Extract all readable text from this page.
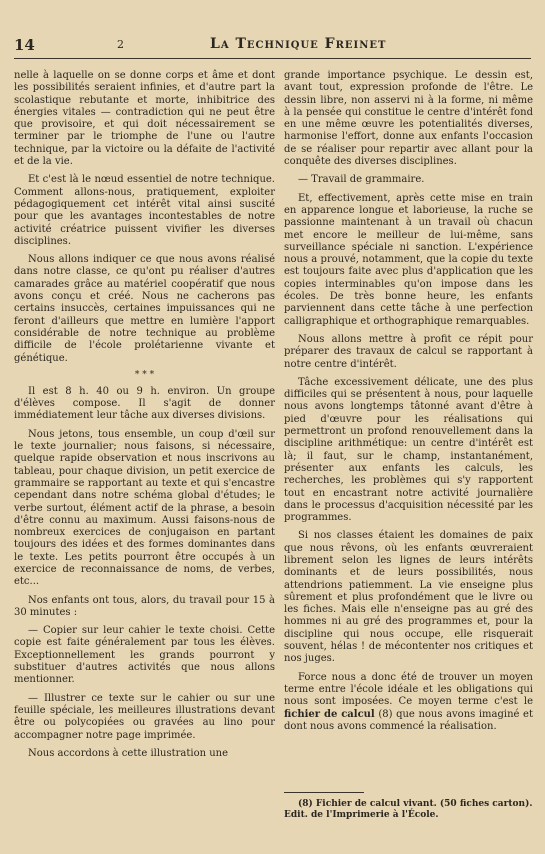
14	2	La Technique Freinet

nelle à laquelle on se donne corps et âme et dont les possibilités seraient infinies, et d'autre part la scolastique rebutante et morte, inhibitrice des énergies vitales — contradiction qui ne peut être que provisoire, et qui doit nécessairement se terminer par le triomphe de l'une ou l'autre technique, par la victoire ou la défaite de l'activité et de la vie.

Et c'est là le nœud essentiel de notre technique. Comment allons-nous, pratiquement, exploiter pédagogiquement cet intérêt vital ainsi suscité pour que les avantages incontestables de notre activité créatrice puissent vivifier les diverses disciplines.

Nous allons indiquer ce que nous avons réalisé dans notre classe, ce qu'ont pu réaliser d'autres camarades grâce au matériel coopératif que nous avons conçu et créé. Nous ne cacherons pas certains insuccès, certaines impuissances qui ne feront d'ailleurs que mettre en lumière l'apport considérable de notre technique au problème difficile de l'école prolétarienne vivante et génétique.

* * *

Il est 8 h. 40 ou 9 h. environ. Un groupe d'élèves compose. Il s'agit de donner immédiatement leur tâche aux diverses divisions.

Nous jetons, tous ensemble, un coup d'œil sur le texte journalier; nous faisons, si nécessaire, quelque rapide observation et nous inscrivons au tableau, pour chaque division, un petit exercice de grammaire se rapportant au texte et qui s'encastre cependant dans notre schéma global d'études; le verbe surtout, élément actif de la phrase, a besoin d'être connu au maximum. Aussi faisons-nous de nombreux exercices de conjugaison en partant toujours des idées et des formes dominantes dans le texte. Les petits pourront être occupés à un exercice de reconnaissance de noms, de verbes, etc...

Nos enfants ont tous, alors, du travail pour 15 à 30 minutes :

— Copier sur leur cahier le texte choisi. Cette copie est faite généralement par tous les élèves. Exceptionnellement les grands pourront y substituer d'autres activités que nous allons mentionner.

— Illustrer ce texte sur le cahier ou sur une feuille spéciale, les meilleures illustrations devant être ou polycopiées ou gravées au lino pour accompagner notre page imprimée.

Nous accordons à cette illustration une

grande importance psychique. Le dessin est, avant tout, expression profonde de l'être. Le dessin libre, non asservi ni à la forme, ni même à la pensée qui constitue le centre d'intérêt fond en une même œuvre les potentialités diverses, harmonise l'effort, donne aux enfants l'occasion de se réaliser pour repartir avec allant pour la conquête des diverses disciplines.

— Travail de grammaire.

Et, effectivement, après cette mise en train en apparence longue et laborieuse, la ruche se passionne maintenant à un travail où chacun met encore le meilleur de lui-même, sans surveillance spéciale ni sanction. L'expérience nous a prouvé, notamment, que la copie du texte est toujours faite avec plus d'application que les copies interminables qu'on impose dans les écoles. De très bonne heure, les enfants parviennent dans cette tâche à une perfection calligraphique et orthographique remarquables.

Nous allons mettre à profit ce répit pour préparer des travaux de calcul se rapportant à notre centre d'intérêt.

Tâche excessivement délicate, une des plus difficiles qui se présentent à nous, pour laquelle nous avons longtemps tâtonné avant d'être à pied d'œuvre pour les réalisations qui permettront un profond renouvellement dans la discipline arithmétique: un centre d'intérêt est là; il faut, sur le champ, instantanément, présenter aux enfants les calculs, les recherches, les problèmes qui s'y rapportent tout en encastrant notre activité journalière dans le processus d'acquisition nécessité par les programmes.

Si nos classes étaient les domaines de paix que nous rêvons, où les enfants œuvreraient librement selon les lignes de leurs intérêts dominants et de leurs possibilités, nous attendrions patiemment. La vie enseigne plus sûrement et plus profondément que le livre ou les fiches. Mais elle n'enseigne pas au gré des hommes ni au gré des programmes et, pour la discipline qui nous occupe, elle risquerait souvent, hélas ! de mécontenter nos critiques et nos juges.

Force nous a donc été de trouver un moyen terme entre l'école idéale et les obligations qui nous sont imposées. Ce moyen terme c'est le fichier de calcul (8) que nous avons imaginé et dont nous avons commencé la réalisation.

(8) Fichier de calcul vivant. (50 fiches carton). Edit. de l'Imprimerie à l'École.
